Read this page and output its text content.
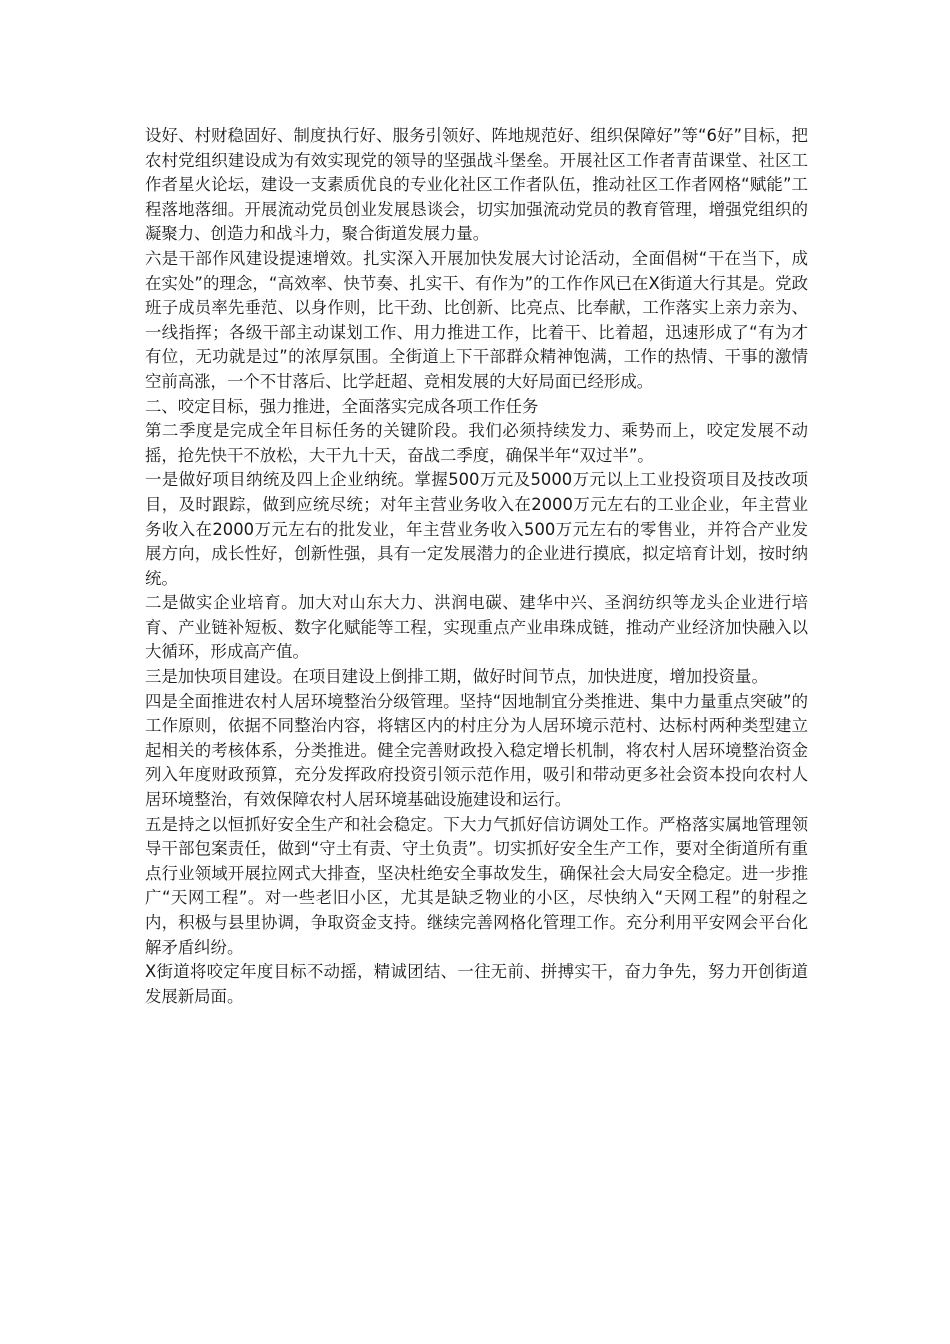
设好、村财稳固好、制度执行好、服务引领好、阵地规范好、组织保障好”等“6好”目标，把农村党组织建设成为有效实现党的领导的坚强战斗堡垒。开展社区工作者青苗课堂、社区工作者星火论坛，建设一支素质优良的专业化社区工作者队伍，推动社区工作者网格“赋能”工程落地落细。开展流动党员创业发展恳谈会，切实加强流动党员的教育管理，增强党组织的凝聚力、创造力和战斗力，聚合街道发展力量。

六是干部作风建设提速增效。扎实深入开展加快发展大讨论活动，全面倡树“干在当下，成在实处”的理念，“高效率、快节奏、扎实干、有作为”的工作作风已在X街道大行其是。党政班子成员率先垂范、以身作则，比干劲、比创新、比亮点、比奉献，工作落实上亲力亲为、一线指挥；各级干部主动谋划工作、用力推进工作，比着干、比着超，迅速形成了“有为才有位，无功就是过”的浓厚氛围。全街道上下干部群众精神饱满，工作的热情、干事的激情空前高涨，一个不甘落后、比学赶超、竞相发展的大好局面已经形成。

二、咬定目标，强力推进，全面落实完成各项工作任务

第二季度是完成全年目标任务的关键阶段。我们必须持续发力、乘势而上，咬定发展不动摇，抢先快干不放松，大干九十天，奋战二季度，确保半年“双过半”。

一是做好项目纳统及四上企业纳统。掌握500万元及5000万元以上工业投资项目及技改项目，及时跟踪，做到应统尽统；对年主营业务收入在2000万元左右的工业企业，年主营业务收入在2000万元左右的批发业，年主营业务收入500万元左右的零售业，并符合产业发展方向，成长性好，创新性强，具有一定发展潜力的企业进行摸底，拟定培育计划，按时纳统。

二是做实企业培育。加大对山东大力、洪润电碳、建华中兴、圣润纺织等龙头企业进行培育、产业链补短板、数字化赋能等工程，实现重点产业串珠成链，推动产业经济加快融入以大循环，形成高产值。

三是加快项目建设。在项目建设上倒排工期，做好时间节点，加快进度，增加投资量。

四是全面推进农村人居环境整治分级管理。坚持“因地制宜分类推进、集中力量重点突破”的工作原则，依据不同整治内容，将辖区内的村庄分为人居环境示范村、达标村两种类型建立起相关的考核体系，分类推进。健全完善财政投入稳定增长机制，将农村人居环境整治资金列入年度财政预算，充分发挥政府投资引领示范作用，吸引和带动更多社会资本投向农村人居环境整治，有效保障农村人居环境基础设施建设和运行。

五是持之以恒抓好安全生产和社会稳定。下大力气抓好信访调处工作。严格落实属地管理领导干部包案责任，做到“守土有责、守土负责”。切实抓好安全生产工作，要对全街道所有重点行业领域开展拉网式大排查，坚决杜绝安全事故发生，确保社会大局安全稳定。进一步推广“天网工程”。对一些老旧小区，尤其是缺乏物业的小区，尽快纳入“天网工程”的射程之内，积极与县里协调，争取资金支持。继续完善网格化管理工作。充分利用平安网会平台化解矛盾纠纷。

X街道将咬定年度目标不动摇，精诚团结、一往无前、拼搏实干，奋力争先，努力开创街道发展新局面。
